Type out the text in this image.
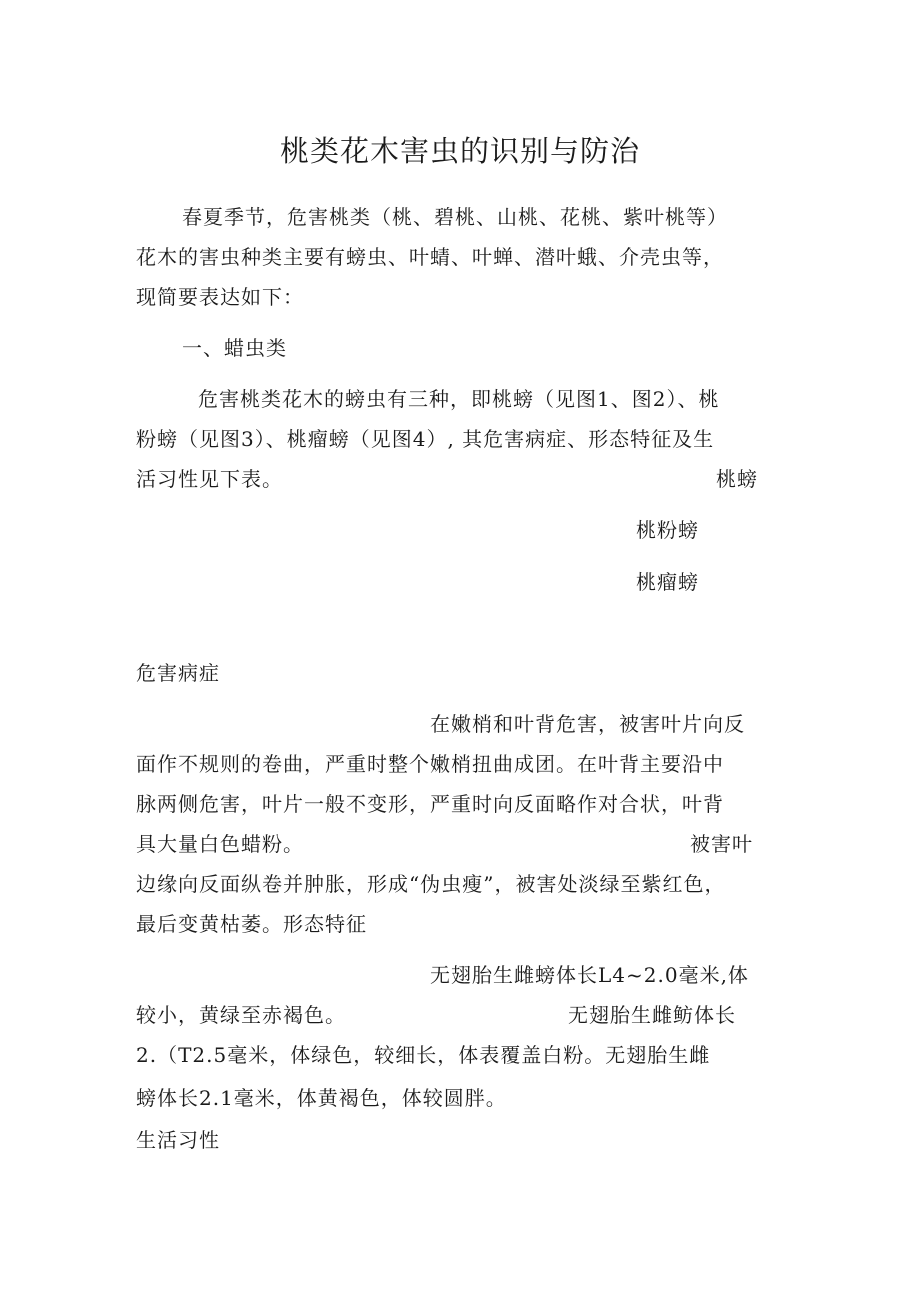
桃类花木害虫的识别与防治
春夏季节，危害桃类（桃、碧桃、山桃、花桃、紫叶桃等）
花木的害虫种类主要有螃虫、叶蜻、叶蝉、潜叶蛾、介壳虫等，
现简要表达如下：
一、蜡虫类
危害桃类花木的螃虫有三种，即桃螃（见图1、图2）、桃
粉螃（见图3）、桃瘤螃（见图4）, 其危害病症、形态特征及生
活习性见下表。	桃螃
桃粉螃
桃瘤螃
危害病症
在嫩梢和叶背危害，被害叶片向反
面作不规则的卷曲，严重时整个嫩梢扭曲成团。在叶背主要沿中
脉两侧危害，叶片一般不变形，严重时向反面略作对合状，叶背
具大量白色蜡粉。	被害叶
边缘向反面纵卷并肿胀，形成“伪虫瘦”，被害处淡绿至紫红色，
最后变黄枯萎。形态特征
无翅胎生雌螃体长L4~2.0毫米,体
较小，黄绿至赤褐色。	无翅胎生雌鲂体长
2.（T2.5毫米，体绿色，较细长，体表覆盖白粉。无翅胎生雌
螃体长2.1毫米，体黄褐色，体较圆胖。
生活习性
